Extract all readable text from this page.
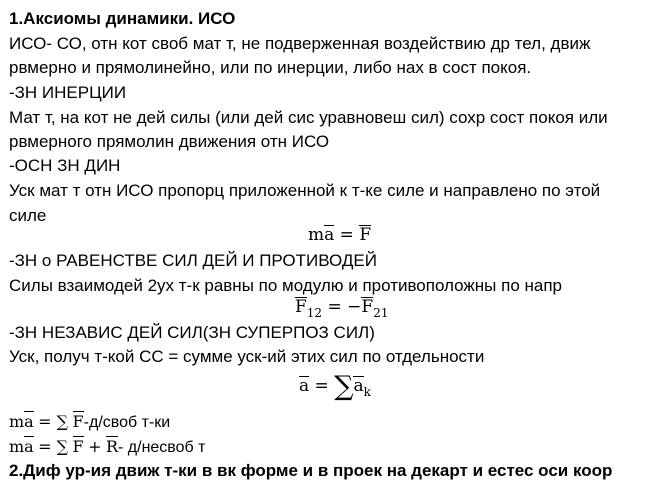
1.Аксиомы динамики. ИСО
ИСО- СО, отн кот своб мат т, не подверженная воздействию др тел, движ
рвмерно и прямолинейно, или по инерции, либо нах в сост покоя.
-ЗН ИНЕРЦИИ
Мат т, на кот не дей силы (или дей сис уравновеш сил) сохр сост покоя или
рвмерного прямолин движения отн ИСО
-ОСН ЗН ДИН
Уск мат т отн ИСО пропорц приложенной к т-ке силе и направлено по этой
силе
ma = F
-ЗН о РАВЕНСТВЕ СИЛ ДЕЙ И ПРОТИВОДЕЙ
Силы взаимодей 2ух т-к равны по модулю и противоположны по напр
$F_{12} = -F_{21}$
-ЗН НЕЗАВИС ДЕЙ СИЛ(ЗН СУПЕРПОЗ СИЛ)
Уск, получ т-кой СС = сумме уск-ий этих сил по отдельности
$a = \sum a_k$
ma = ∑ F-д/своб т-ки
ma = ∑ F + R- д/несвоб т
2.Диф ур-ия движ т-ки в вк форме и в проек на декарт и естес оси коор
